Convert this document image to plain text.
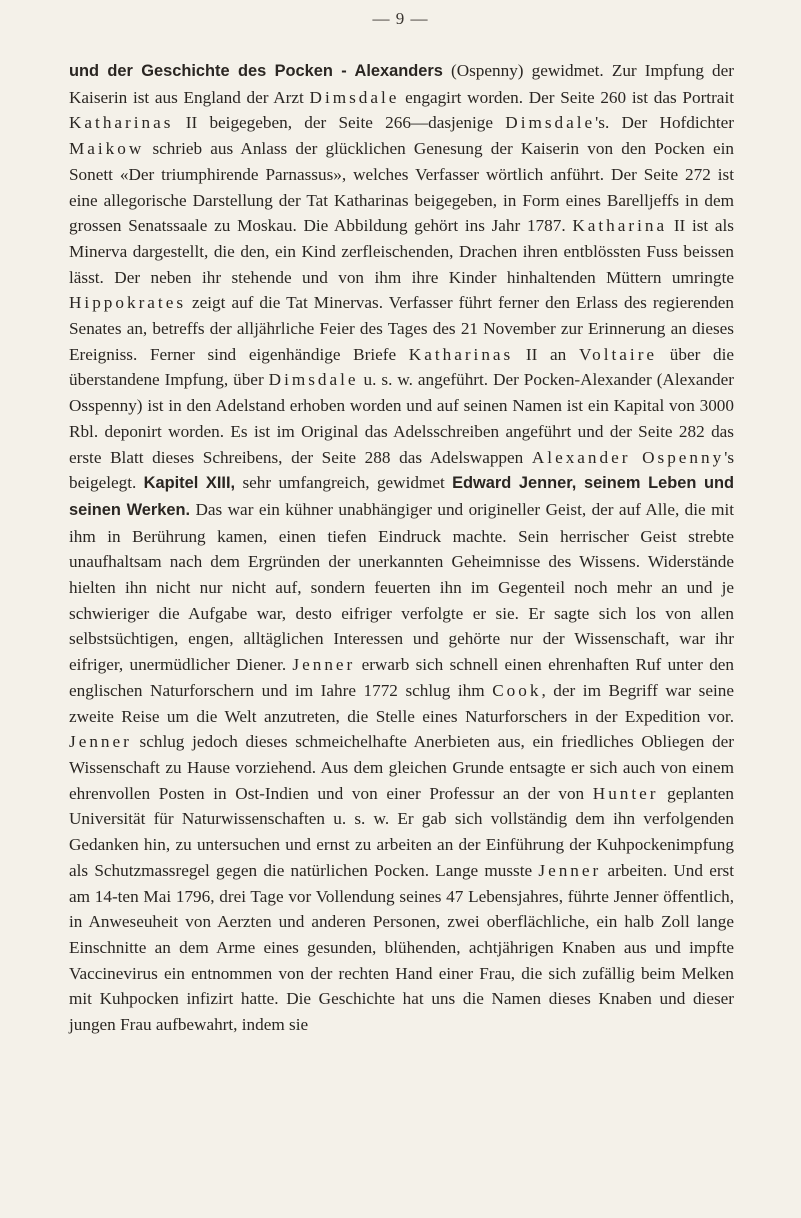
— 9 —

und der Geschichte des Pocken - Alexanders (Ospenny) gewidmet. Zur Impfung der Kaiserin ist aus England der Arzt Dimsdale engagirt worden. Der Seite 260 ist das Portrait Katharinas II beigegeben, der Seite 266—dasjenige Dimsdale's. Der Hofdichter Maikow schrieb aus Anlass der glücklichen Genesung der Kaiserin von den Pocken ein Sonett «Der triumphirende Parnassus», welches Verfasser wörtlich anführt. Der Seite 272 ist eine allegorische Darstellung der Tat Katharinas beigegeben, in Form eines Barelljeffs in dem grossen Senatssaale zu Moskau. Die Abbildung gehört ins Jahr 1787. Katharina II ist als Minerva dargestellt, die den, ein Kind zerfleischenden, Drachen ihren entblössten Fuss beissen lässt. Der neben ihr stehende und von ihm ihre Kinder hinhaltenden Müttern umringte Hippokrates zeigt auf die Tat Minervas. Verfasser führt ferner den Erlass des regierenden Senates an, betreffs der alljährliche Feier des Tages des 21 November zur Erinnerung an dieses Ereigniss. Ferner sind eigenhändige Briefe Katharinas II an Voltaire über die überstandene Impfung, über Dimsdale u. s. w. angeführt. Der Pocken-Alexander (Alexander Osspenny) ist in den Adelstand erhoben worden und auf seinen Namen ist ein Kapital von 3000 Rbl. deponirt worden. Es ist im Original das Adelsschreiben angeführt und der Seite 282 das erste Blatt dieses Schreibens, der Seite 288 das Adelswappen Alexander Ospenny's beigelegt. Kapitel XIII, sehr umfangreich, gewidmet Edward Jenner, seinem Leben und seinen Werken. Das war ein kühner unabhängiger und origineller Geist, der auf Alle, die mit ihm in Berührung kamen, einen tiefen Eindruck machte. Sein herrischer Geist strebte unaufhaltsam nach dem Ergründen der unerkannten Geheimnisse des Wissens. Widerstände hielten ihn nicht nur nicht auf, sondern feuerten ihn im Gegenteil noch mehr an und je schwieriger die Aufgabe war, desto eifriger verfolgte er sie. Er sagte sich los von allen selbstsüchtigen, engen, alltäglichen Interessen und gehörte nur der Wissenschaft, war ihr eifriger, unermüdlicher Diener. Jenner erwarb sich schnell einen ehrenhaften Ruf unter den englischen Naturforschern und im Iahre 1772 schlug ihm Cook, der im Begriff war seine zweite Reise um die Welt anzutreten, die Stelle eines Naturforschers in der Expedition vor. Jenner schlug jedoch dieses schmeichelhafte Anerbieten aus, ein friedliches Obliegen der Wissenschaft zu Hause vorziehend. Aus dem gleichen Grunde entsagte er sich auch von einem ehrenvollen Posten in Ost-Indien und von einer Professur an der von Hunter geplanten Universität für Naturwissenschaften u. s. w. Er gab sich vollständig dem ihn verfolgenden Gedanken hin, zu untersuchen und ernst zu arbeiten an der Einführung der Kuhpockenimpfung als Schutzmassregel gegen die natürlichen Pocken. Lange musste Jenner arbeiten. Und erst am 14-ten Mai 1796, drei Tage vor Vollendung seines 47 Lebensjahres, führte Jenner öffentlich, in Anweseuheit von Aerzten und anderen Personen, zwei oberflächliche, ein halb Zoll lange Einschnitte an dem Arme eines gesunden, blühenden, achtjährigen Knaben aus und impfte Vaccinevirus ein entnommen von der rechten Hand einer Frau, die sich zufällig beim Melken mit Kuhpocken infizirt hatte. Die Geschichte hat uns die Namen dieses Knaben und dieser jungen Frau aufbewahrt, indem sie
